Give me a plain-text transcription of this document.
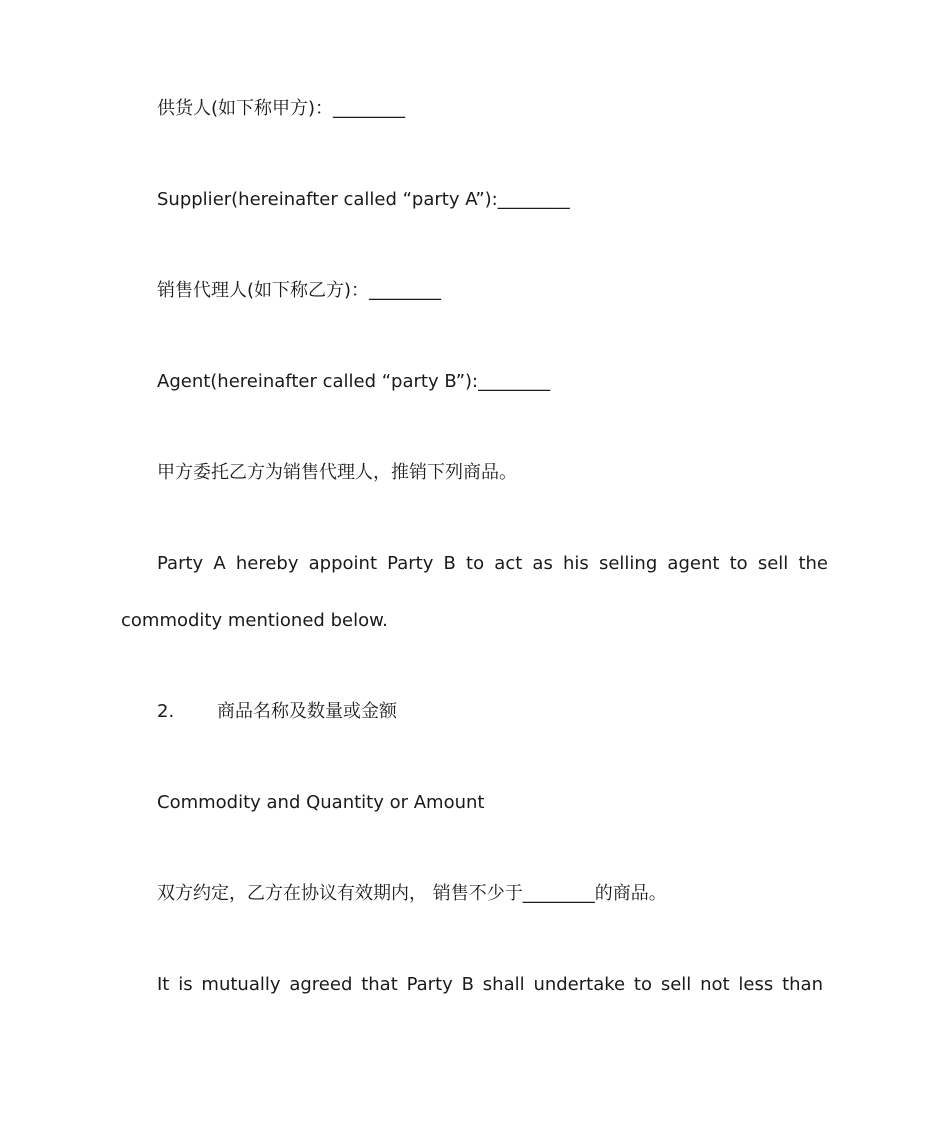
供货人(如下称甲方)：________
Supplier(hereinafter called “party A”):________
销售代理人(如下称乙方)：________
Agent(hereinafter called “party B”):________
甲方委托乙方为销售代理人，推销下列商品。
Party A hereby appoint Party B to act as his selling agent to sell the
commodity mentioned below.
2. 商品名称及数量或金额
Commodity and Quantity or Amount
双方约定，乙方在协议有效期内， 销售不少于________的商品。
It is mutually agreed that Party B shall undertake to sell not less than
